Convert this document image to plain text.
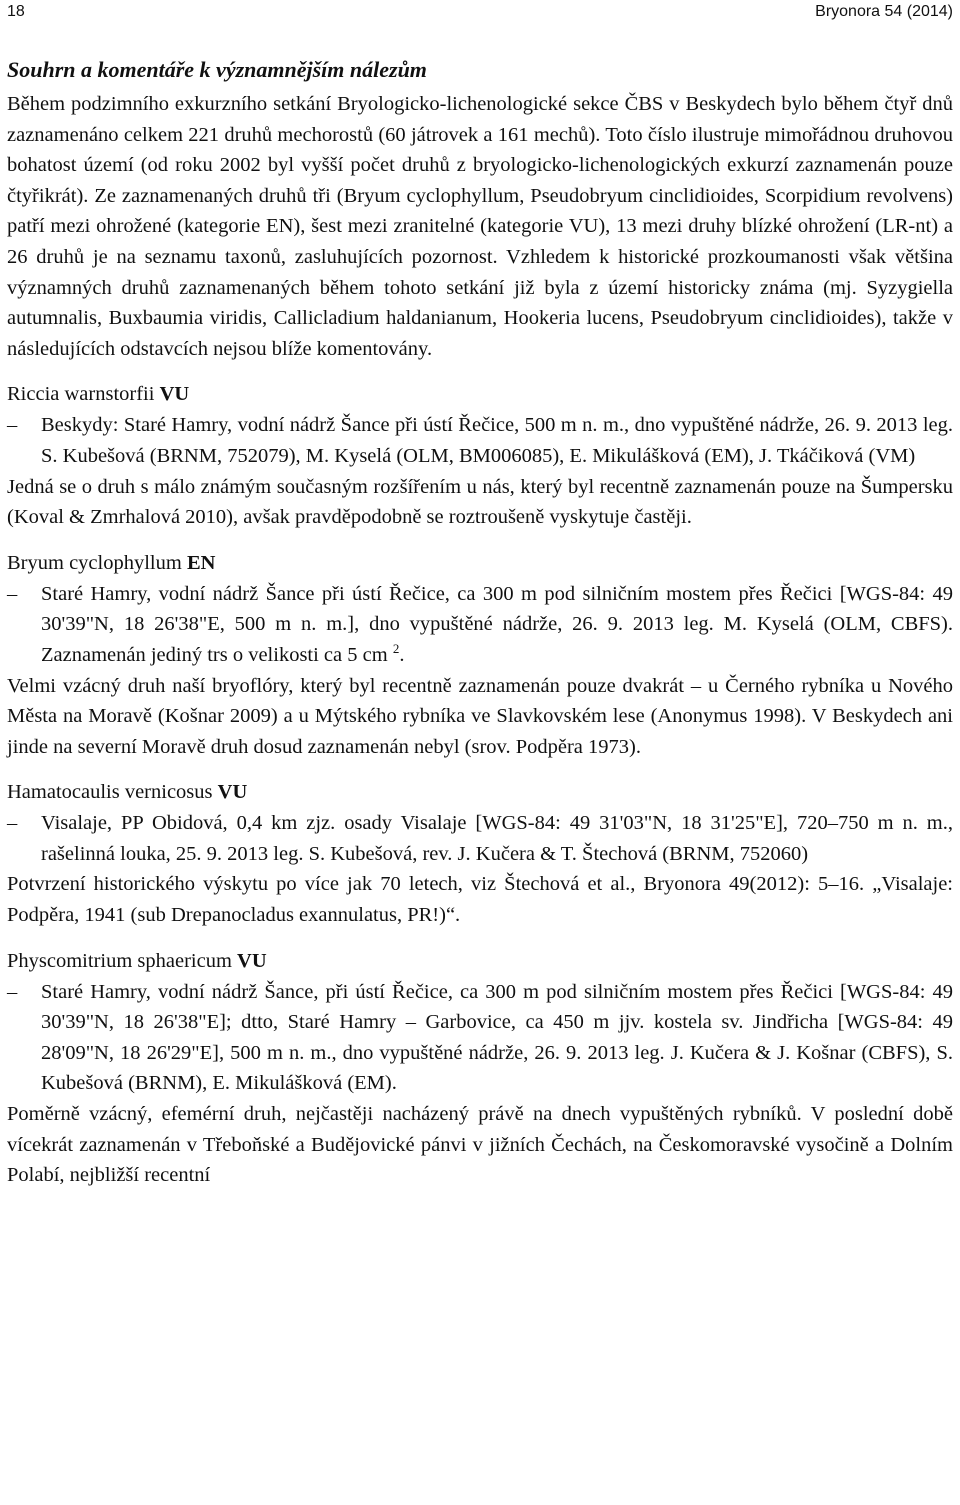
18	Bryonora 54 (2014)
Souhrn a komentáře k významnějším nálezům

Během podzimního exkurzního setkání Bryologicko-lichenologické sekce ČBS v Beskydech bylo během čtyř dnů zaznamenáno celkem 221 druhů mechorostů (60 játrovek a 161 mechů). Toto číslo ilustruje mimořádnou druhovou bohatost území (od roku 2002 byl vyšší počet druhů z bryologicko-lichenologických exkurzí zaznamenán pouze čtyřikrát). Ze zaznamenaných druhů tři (Bryum cyclophyllum, Pseudobryum cinclidioides, Scorpidium revolvens) patří mezi ohrožené (kategorie EN), šest mezi zranitelné (kategorie VU), 13 mezi druhy blízké ohrožení (LR-nt) a 26 druhů je na seznamu taxonů, zasluhujících pozornost. Vzhledem k historické prozkoumanosti však většina významných druhů zaznamenaných během tohoto setkání již byla z území historicky známa (mj. Syzygiella autumnalis, Buxbaumia viridis, Callicladium haldanianum, Hookeria lucens, Pseudobryum cinclidioides), takže v následujících odstavcích nejsou blíže komentovány.

Riccia warnstorfii VU

–	Beskydy: Staré Hamry, vodní nádrž Šance při ústí Řečice, 500 m n. m., dno vypuštěné nádrže, 26. 9. 2013 leg. S. Kubešová (BRNM, 752079), M. Kyselá (OLM, BM006085), E. Mikulášková (EM), J. Tkáčiková (VM)

Jedná se o druh s málo známým současným rozšířením u nás, který byl recentně zaznamenán pouze na Šumpersku (Koval & Zmrhalová 2010), avšak pravděpodobně se roztroušeně vyskytuje častěji.

Bryum cyclophyllum EN

–	Staré Hamry, vodní nádrž Šance při ústí Řečice, ca 300 m pod silničním mostem přes Řečici [WGS-84: 49 30'39"N, 18 26'38"E, 500 m n. m.], dno vypuštěné nádrže, 26. 9. 2013 leg. M. Kyselá (OLM, CBFS). Zaznamenán jediný trs o velikosti ca 5 cm $^2$.

Velmi vzácný druh naší bryoflóry, který byl recentně zaznamenán pouze dvakrát – u Černého rybníka u Nového Města na Moravě (Košnar 2009) a u Mýtského rybníka ve Slavkovském lese (Anonymus 1998). V Beskydech ani jinde na severní Moravě druh dosud zaznamenán nebyl (srov. Podpěra 1973).

Hamatocaulis vernicosus VU

–	Visalaje, PP Obidová, 0,4 km zjz. osady Visalaje [WGS-84: 49 31'03"N, 18 31'25"E], 720–750 m n. m., rašelinná louka, 25. 9. 2013 leg. S. Kubešová, rev. J. Kučera & T. Štechová (BRNM, 752060)

Potvrzení historického výskytu po více jak 70 letech, viz Štechová et al., Bryonora 49(2012): 5–16. „Visalaje: Podpěra, 1941 (sub Drepanocladus exannulatus, PR!)“.

Physcomitrium sphaericum VU

–	Staré Hamry, vodní nádrž Šance, při ústí Řečice, ca 300 m pod silničním mostem přes Řečici [WGS-84: 49 30'39"N, 18 26'38"E]; dtto, Staré Hamry – Garbovice, ca 450 m jjv. kostela sv. Jindřicha [WGS-84: 49 28'09"N, 18 26'29"E], 500 m n. m., dno vypuštěné nádrže, 26. 9. 2013 leg. J. Kučera & J. Košnar (CBFS), S. Kubešová (BRNM), E. Mikulášková (EM).

Poměrně vzácný, efemérní druh, nejčastěji nacházený právě na dnech vypuštěných rybníků. V poslední době vícekrát zaznamenán v Třeboňské a Budějovické pánvi v jižních Čechách, na Českomoravské vysočině a Dolním Polabí, nejbližší recentní
